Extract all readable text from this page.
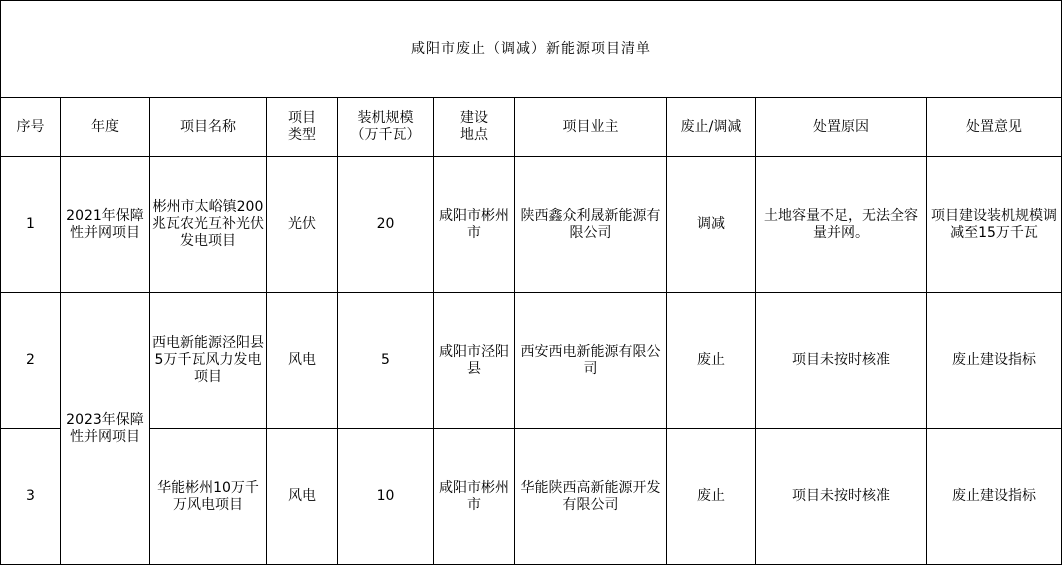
咸阳市废止（调减）新能源项目清单									
序号	年度	项目名称	项目类型	装机规模（万千瓦）	建设地点	项目业主	废止/调减	处置原因	处置意见
1	2021年保障性并网项目	彬州市太峪镇200兆瓦农光互补光伏发电项目	光伏	20	咸阳市彬州市	陕西鑫众利晟新能源有限公司	调减	土地容量不足，无法全容量并网。	项目建设装机规模调减至15万千瓦

2	2023年保障性并网项目	西电新能源泾阳县5万千瓦风力发电项目	风电	5	咸阳市泾阳县	西安西电新能源有限公司	废止	项目未按时核准	废止建设指标
3		华能彬州10万千万风电项目	风电	10	咸阳市彬州市	华能陕西高新能源开发有限公司	废止	项目未按时核准	废止建设指标
